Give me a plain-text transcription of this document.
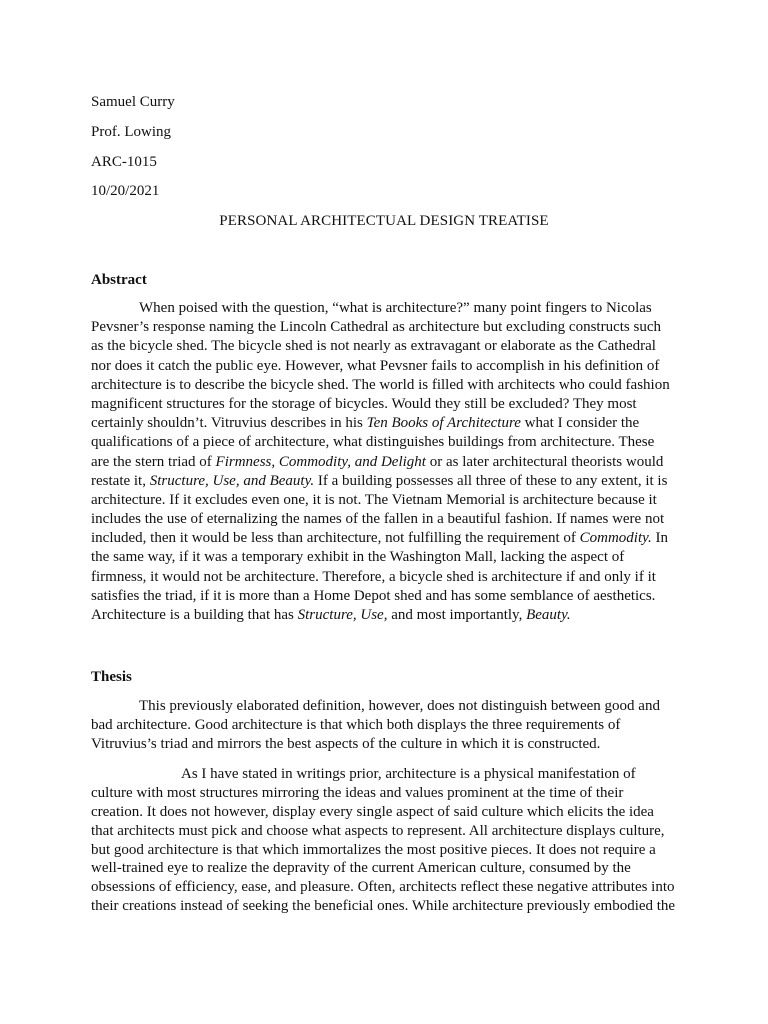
Samuel Curry
Prof. Lowing
ARC-1015
10/20/2021
PERSONAL ARCHITECTUAL DESIGN TREATISE
Abstract
When poised with the question, “what is architecture?” many point fingers to Nicolas
Pevsner’s response naming the Lincoln Cathedral as architecture but excluding constructs such
as the bicycle shed. The bicycle shed is not nearly as extravagant or elaborate as the Cathedral
nor does it catch the public eye. However, what Pevsner fails to accomplish in his definition of
architecture is to describe the bicycle shed. The world is filled with architects who could fashion
magnificent structures for the storage of bicycles. Would they still be excluded? They most
certainly shouldn’t. Vitruvius describes in his Ten Books of Architecture what I consider the
qualifications of a piece of architecture, what distinguishes buildings from architecture. These
are the stern triad of Firmness, Commodity, and Delight or as later architectural theorists would
restate it, Structure, Use, and Beauty. If a building possesses all three of these to any extent, it is
architecture. If it excludes even one, it is not. The Vietnam Memorial is architecture because it
includes the use of eternalizing the names of the fallen in a beautiful fashion. If names were not
included, then it would be less than architecture, not fulfilling the requirement of Commodity. In
the same way, if it was a temporary exhibit in the Washington Mall, lacking the aspect of
firmness, it would not be architecture. Therefore, a bicycle shed is architecture if and only if it
satisfies the triad, if it is more than a Home Depot shed and has some semblance of aesthetics.
Architecture is a building that has Structure, Use, and most importantly, Beauty.
Thesis
This previously elaborated definition, however, does not distinguish between good and
bad architecture. Good architecture is that which both displays the three requirements of
Vitruvius’s triad and mirrors the best aspects of the culture in which it is constructed.
As I have stated in writings prior, architecture is a physical manifestation of
culture with most structures mirroring the ideas and values prominent at the time of their
creation. It does not however, display every single aspect of said culture which elicits the idea
that architects must pick and choose what aspects to represent. All architecture displays culture,
but good architecture is that which immortalizes the most positive pieces. It does not require a
well-trained eye to realize the depravity of the current American culture, consumed by the
obsessions of efficiency, ease, and pleasure. Often, architects reflect these negative attributes into
their creations instead of seeking the beneficial ones. While architecture previously embodied the
